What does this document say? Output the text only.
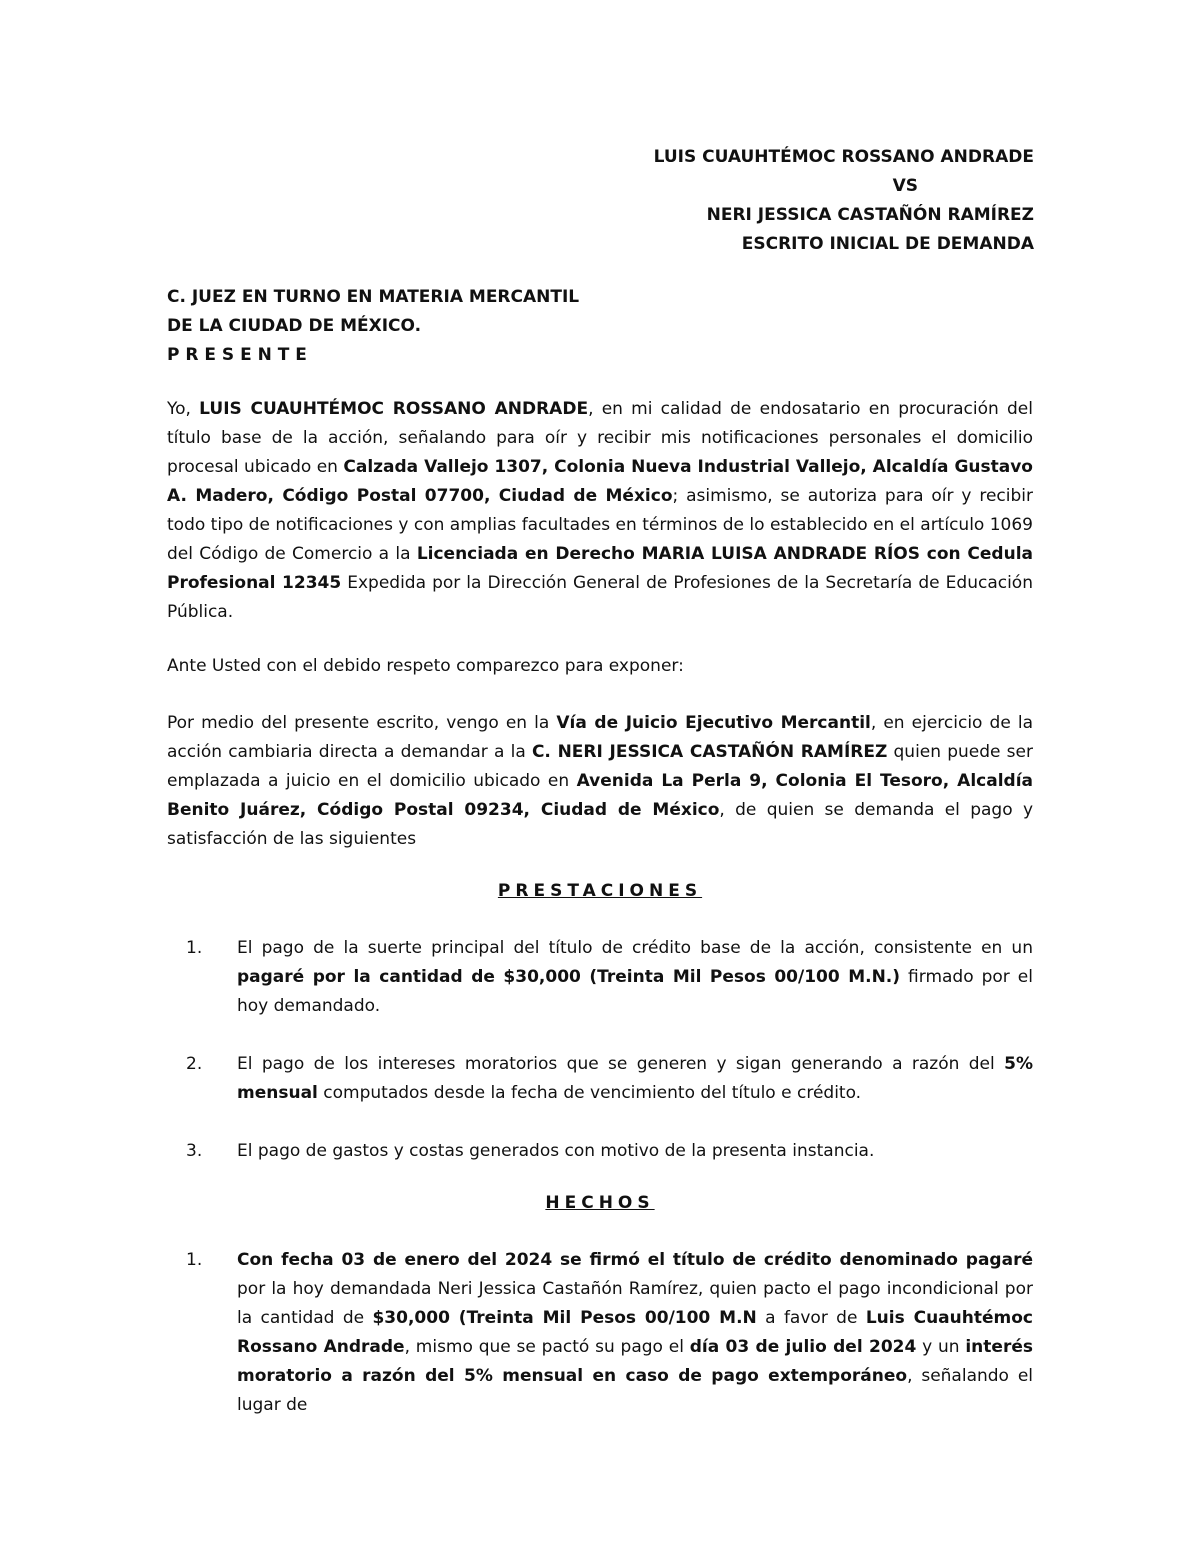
LUIS CUAUHTÉMOC ROSSANO ANDRADE
VS
NERI JESSICA CASTAÑÓN RAMÍREZ
ESCRITO INICIAL DE DEMANDA
C. JUEZ EN TURNO EN MATERIA MERCANTIL
DE LA CIUDAD DE MÉXICO.
P R E S E N T E
Yo, LUIS CUAUHTÉMOC ROSSANO ANDRADE, en mi calidad de endosatario en procuración del título base de la acción, señalando para oír y recibir mis notificaciones personales el domicilio procesal ubicado en Calzada Vallejo 1307, Colonia Nueva Industrial Vallejo, Alcaldía Gustavo A. Madero, Código Postal 07700, Ciudad de México; asimismo, se autoriza para oír y recibir todo tipo de notificaciones y con amplias facultades en términos de lo establecido en el artículo 1069 del Código de Comercio a la Licenciada en Derecho MARIA LUISA ANDRADE RÍOS con Cedula Profesional 12345 Expedida por la Dirección General de Profesiones de la Secretaría de Educación Pública.
Ante Usted con el debido respeto comparezco para exponer:
Por medio del presente escrito, vengo en la Vía de Juicio Ejecutivo Mercantil, en ejercicio de la acción cambiaria directa a demandar a la C. NERI JESSICA CASTAÑÓN RAMÍREZ quien puede ser emplazada a juicio en el domicilio ubicado en Avenida La Perla 9, Colonia El Tesoro, Alcaldía Benito Juárez, Código Postal 09234, Ciudad de México, de quien se demanda el pago y satisfacción de las siguientes
PRESTACIONES
1. El pago de la suerte principal del título de crédito base de la acción, consistente en un pagaré por la cantidad de $30,000 (Treinta Mil Pesos 00/100 M.N.) firmado por el hoy demandado.
2. El pago de los intereses moratorios que se generen y sigan generando a razón del 5% mensual computados desde la fecha de vencimiento del título e crédito.
3. El pago de gastos y costas generados con motivo de la presenta instancia.
HECHOS
1. Con fecha 03 de enero del 2024 se firmó el título de crédito denominado pagaré por la hoy demandada Neri Jessica Castañón Ramírez, quien pacto el pago incondicional por la cantidad de $30,000 (Treinta Mil Pesos 00/100 M.N a favor de Luis Cuauhtémoc Rossano Andrade, mismo que se pactó su pago el día 03 de julio del 2024 y un interés moratorio a razón del 5% mensual en caso de pago extemporáneo, señalando el lugar de
